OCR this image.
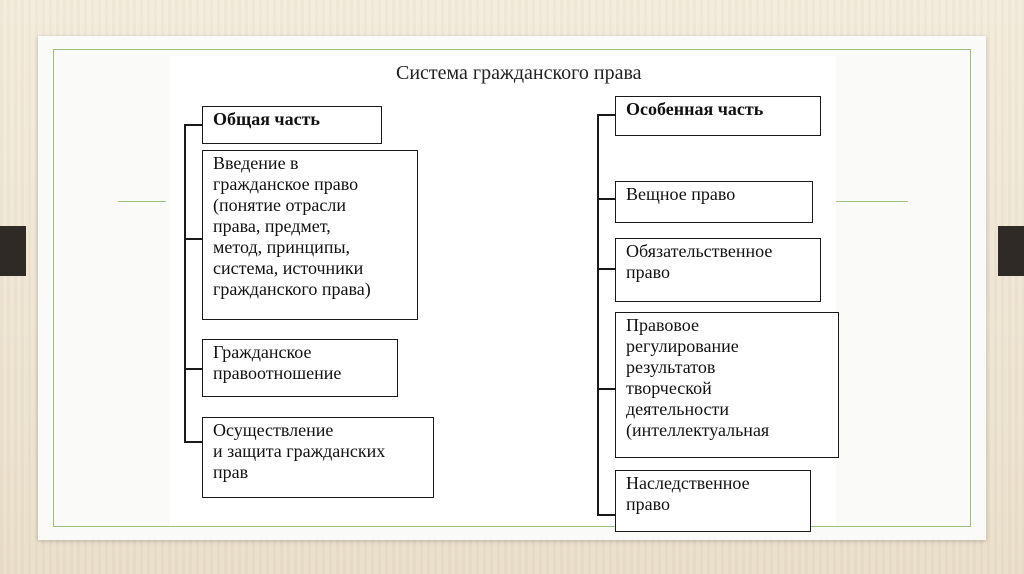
Система гражданского права
Общая часть
Введение в
гражданское право
(понятие отрасли
права, предмет,
метод, принципы,
система, источники
гражданского права)
Гражданское
правоотношение
Осуществление
и защита гражданских
прав
Особенная часть
Вещное право
Обязательственное
право
Правовое
регулирование
результатов
творческой
деятельности
(интеллектуальная
Наследственное
право
